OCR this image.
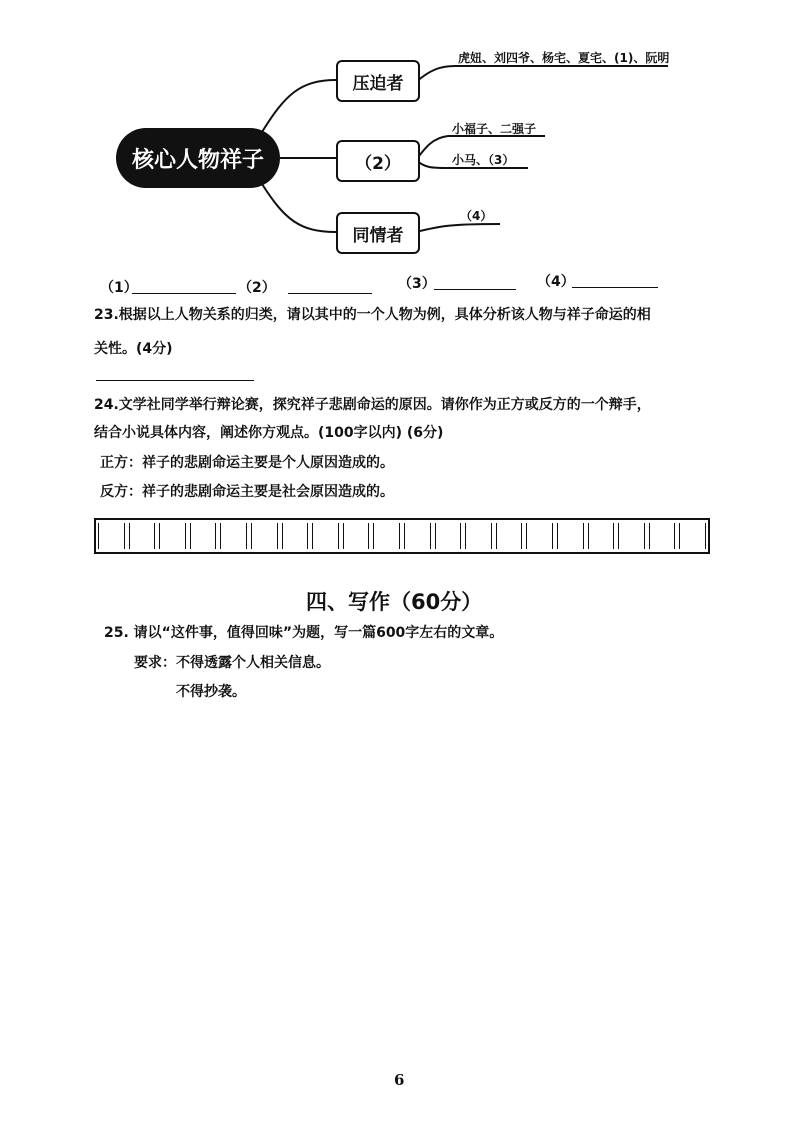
核心人物祥子
压迫者
（2）
同情者
虎妞、刘四爷、杨宅、夏宅、(1)、阮明
小福子、二强子
小马、（3）
（4）
（1）	（2）	（3）	（4）
23.根据以上人物关系的归类，请以其中的一个人物为例，具体分析该人物与祥子命运的相
关性。(4分)
24.文学社同学举行辩论赛，探究祥子悲剧命运的原因。请你作为正方或反方的一个辩手，
结合小说具体内容，阐述你方观点。(100字以内) (6分)
正方：祥子的悲剧命运主要是个人原因造成的。
反方：祥子的悲剧命运主要是社会原因造成的。
四、写作（60分）
25. 请以“这件事，值得回味”为题，写一篇600字左右的文章。
要求：不得透露个人相关信息。
不得抄袭。
6
